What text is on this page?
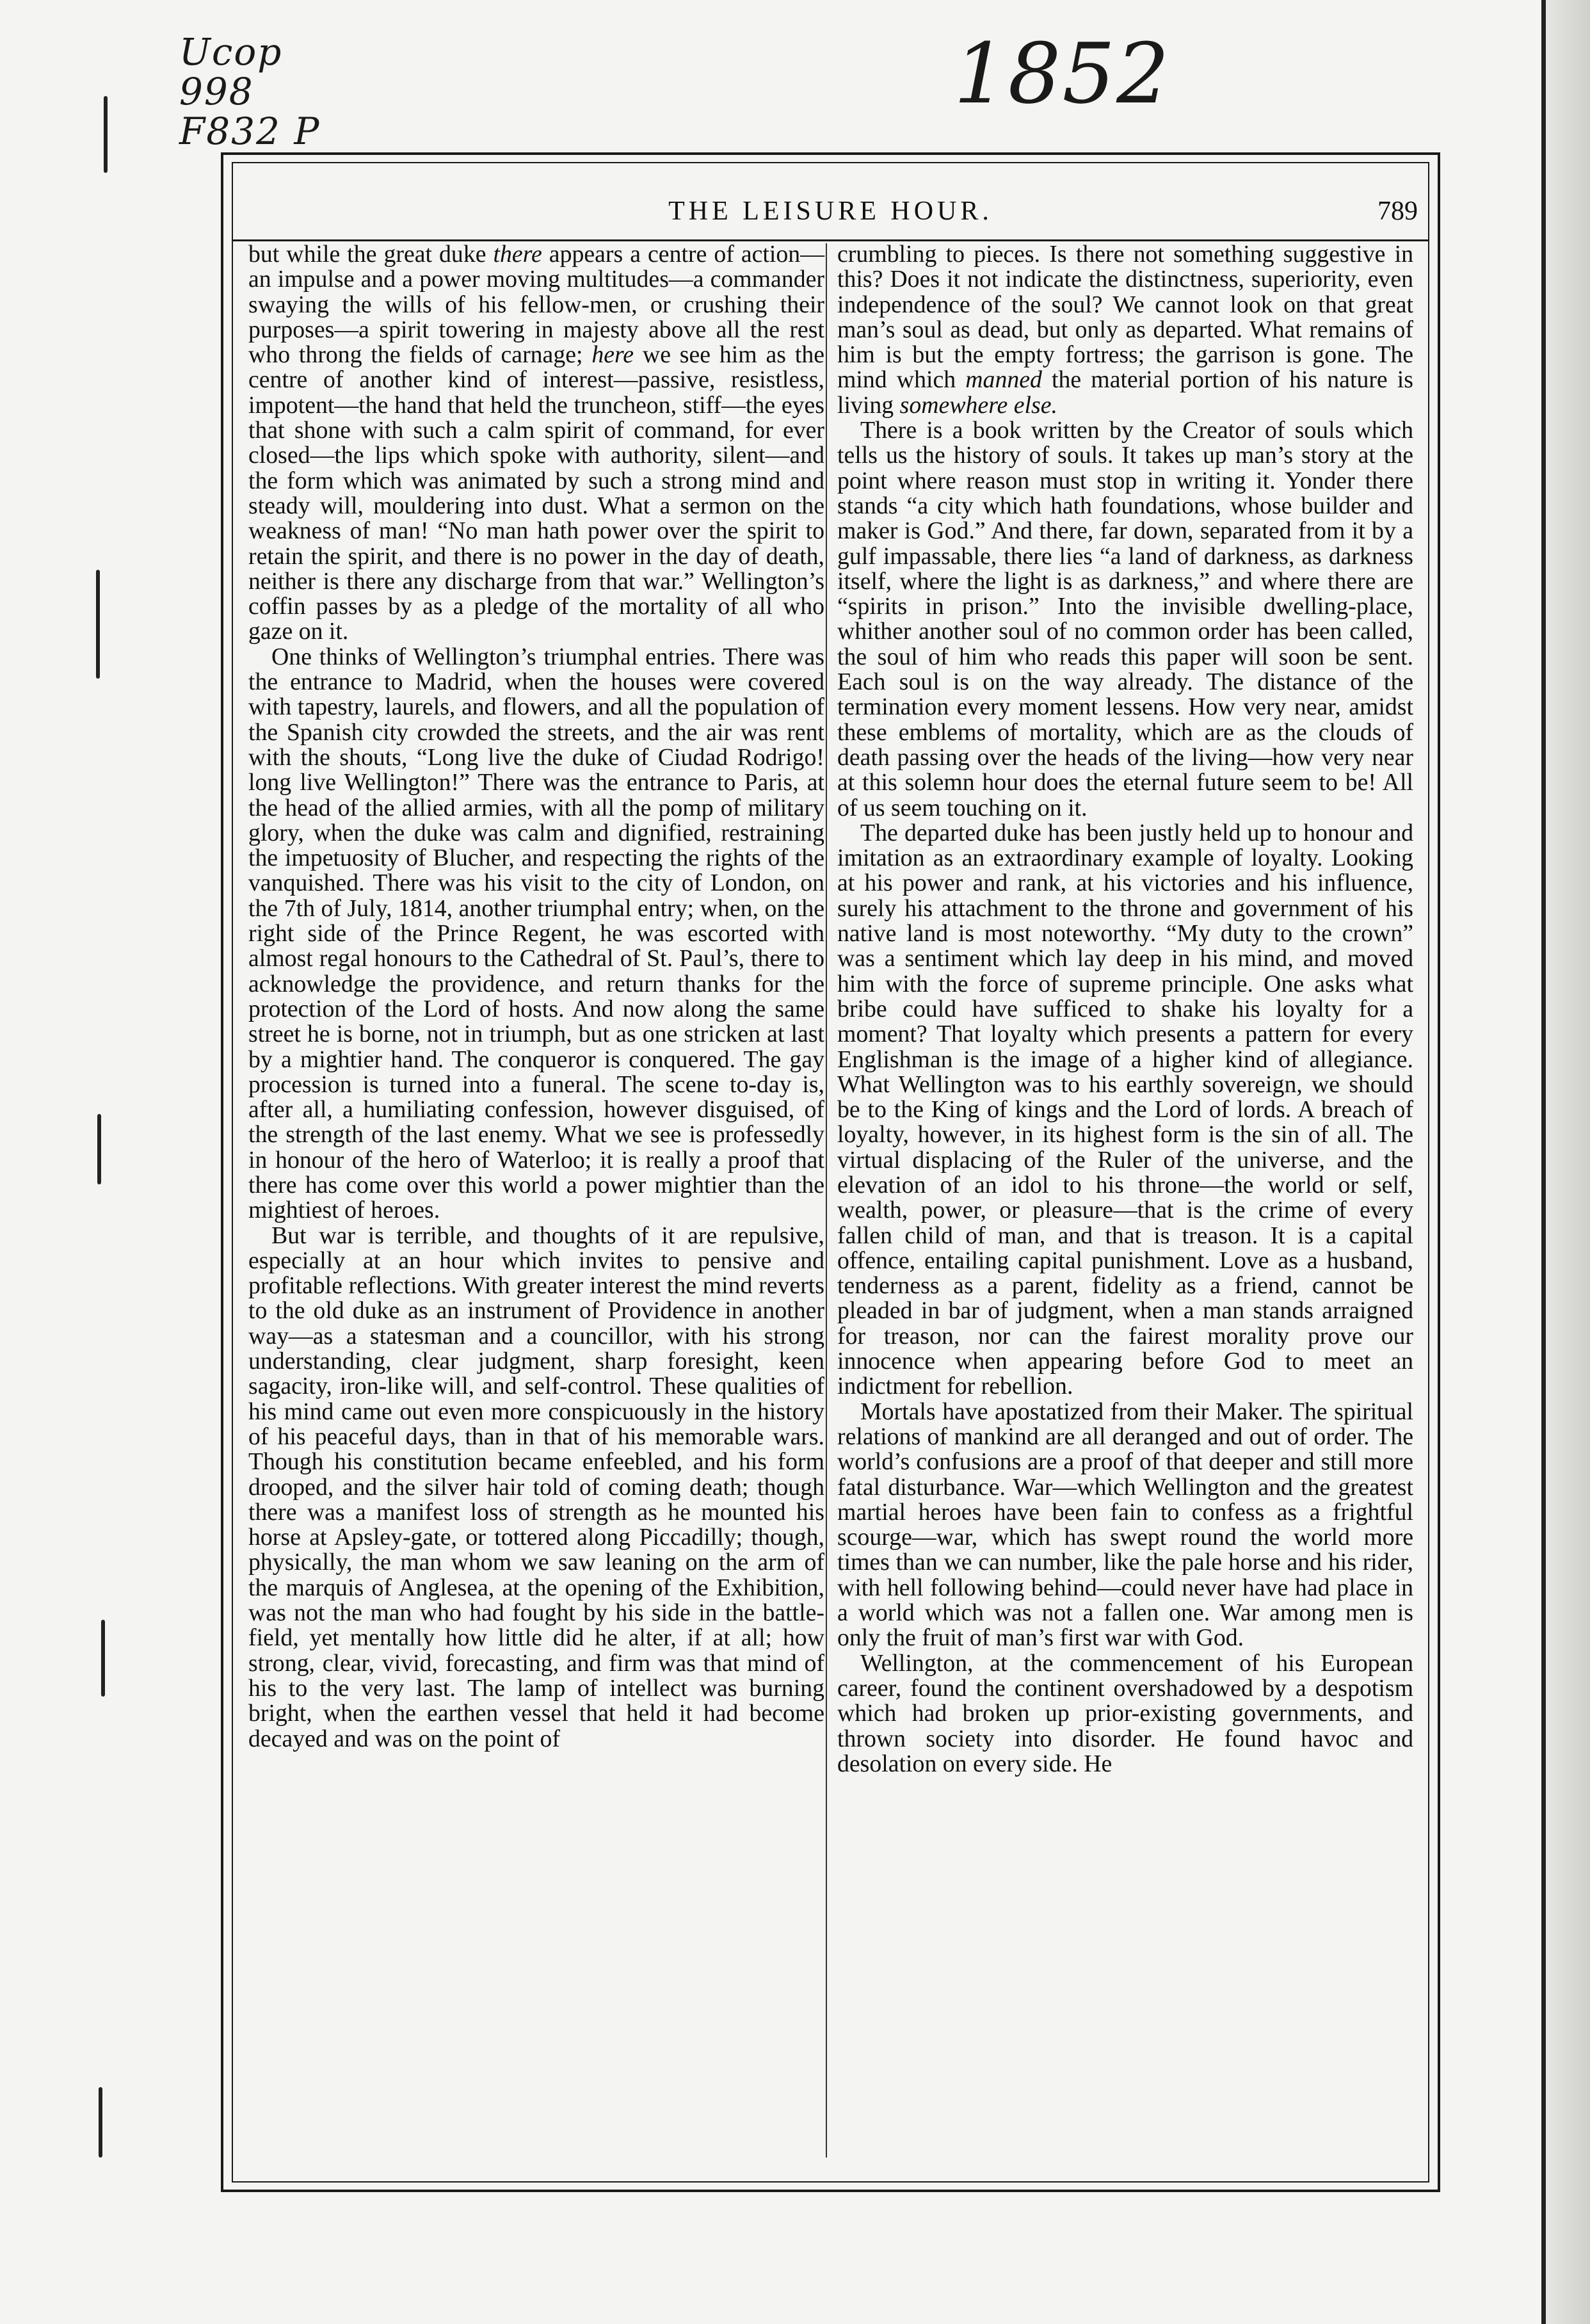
Ucop
998
F832 P
1852
THE LEISURE HOUR.	789

but while the great duke there appears a centre of action—an impulse and a power moving multitudes—a commander swaying the wills of his fellow-men, or crushing their purposes—a spirit towering in majesty above all the rest who throng the fields of carnage; here we see him as the centre of another kind of interest—passive, resistless, impotent—the hand that held the truncheon, stiff—the eyes that shone with such a calm spirit of command, for ever closed—the lips which spoke with authority, silent—and the form which was animated by such a strong mind and steady will, mouldering into dust. What a sermon on the weakness of man! “No man hath power over the spirit to retain the spirit, and there is no power in the day of death, neither is there any discharge from that war.” Wellington’s coffin passes by as a pledge of the mortality of all who gaze on it.

One thinks of Wellington’s triumphal entries. There was the entrance to Madrid, when the houses were covered with tapestry, laurels, and flowers, and all the population of the Spanish city crowded the streets, and the air was rent with the shouts, “Long live the duke of Ciudad Rodrigo! long live Wellington!” There was the entrance to Paris, at the head of the allied armies, with all the pomp of military glory, when the duke was calm and dignified, restraining the impetuosity of Blucher, and respecting the rights of the vanquished. There was his visit to the city of London, on the 7th of July, 1814, another triumphal entry; when, on the right side of the Prince Regent, he was escorted with almost regal honours to the Cathedral of St. Paul’s, there to acknowledge the providence, and return thanks for the protection of the Lord of hosts. And now along the same street he is borne, not in triumph, but as one stricken at last by a mightier hand. The conqueror is conquered. The gay procession is turned into a funeral. The scene to-day is, after all, a humiliating confession, however disguised, of the strength of the last enemy. What we see is professedly in honour of the hero of Waterloo; it is really a proof that there has come over this world a power mightier than the mightiest of heroes.

But war is terrible, and thoughts of it are repulsive, especially at an hour which invites to pensive and profitable reflections. With greater interest the mind reverts to the old duke as an instrument of Providence in another way—as a statesman and a councillor, with his strong understanding, clear judgment, sharp foresight, keen sagacity, iron-like will, and self-control. These qualities of his mind came out even more conspicuously in the history of his peaceful days, than in that of his memorable wars. Though his constitution became enfeebled, and his form drooped, and the silver hair told of coming death; though there was a manifest loss of strength as he mounted his horse at Apsley-gate, or tottered along Piccadilly; though, physically, the man whom we saw leaning on the arm of the marquis of Anglesea, at the opening of the Exhibition, was not the man who had fought by his side in the battle-field, yet mentally how little did he alter, if at all; how strong, clear, vivid, forecasting, and firm was that mind of his to the very last. The lamp of intellect was burning bright, when the earthen vessel that held it had become decayed and was on the point of

crumbling to pieces. Is there not something suggestive in this? Does it not indicate the distinctness, superiority, even independence of the soul? We cannot look on that great man’s soul as dead, but only as departed. What remains of him is but the empty fortress; the garrison is gone. The mind which manned the material portion of his nature is living somewhere else.

There is a book written by the Creator of souls which tells us the history of souls. It takes up man’s story at the point where reason must stop in writing it. Yonder there stands “a city which hath foundations, whose builder and maker is God.” And there, far down, separated from it by a gulf impassable, there lies “a land of darkness, as darkness itself, where the light is as darkness,” and where there are “spirits in prison.” Into the invisible dwelling-place, whither another soul of no common order has been called, the soul of him who reads this paper will soon be sent. Each soul is on the way already. The distance of the termination every moment lessens. How very near, amidst these emblems of mortality, which are as the clouds of death passing over the heads of the living—how very near at this solemn hour does the eternal future seem to be! All of us seem touching on it.

The departed duke has been justly held up to honour and imitation as an extraordinary example of loyalty. Looking at his power and rank, at his victories and his influence, surely his attachment to the throne and government of his native land is most noteworthy. “My duty to the crown” was a sentiment which lay deep in his mind, and moved him with the force of supreme principle. One asks what bribe could have sufficed to shake his loyalty for a moment? That loyalty which presents a pattern for every Englishman is the image of a higher kind of allegiance. What Wellington was to his earthly sovereign, we should be to the King of kings and the Lord of lords. A breach of loyalty, however, in its highest form is the sin of all. The virtual displacing of the Ruler of the universe, and the elevation of an idol to his throne—the world or self, wealth, power, or pleasure—that is the crime of every fallen child of man, and that is treason. It is a capital offence, entailing capital punishment. Love as a husband, tenderness as a parent, fidelity as a friend, cannot be pleaded in bar of judgment, when a man stands arraigned for treason, nor can the fairest morality prove our innocence when appearing before God to meet an indictment for rebellion.

Mortals have apostatized from their Maker. The spiritual relations of mankind are all deranged and out of order. The world’s confusions are a proof of that deeper and still more fatal disturbance. War—which Wellington and the greatest martial heroes have been fain to confess as a frightful scourge—war, which has swept round the world more times than we can number, like the pale horse and his rider, with hell following behind—could never have had place in a world which was not a fallen one. War among men is only the fruit of man’s first war with God.

Wellington, at the commencement of his European career, found the continent overshadowed by a despotism which had broken up prior-existing governments, and thrown society into disorder. He found havoc and desolation on every side. He
